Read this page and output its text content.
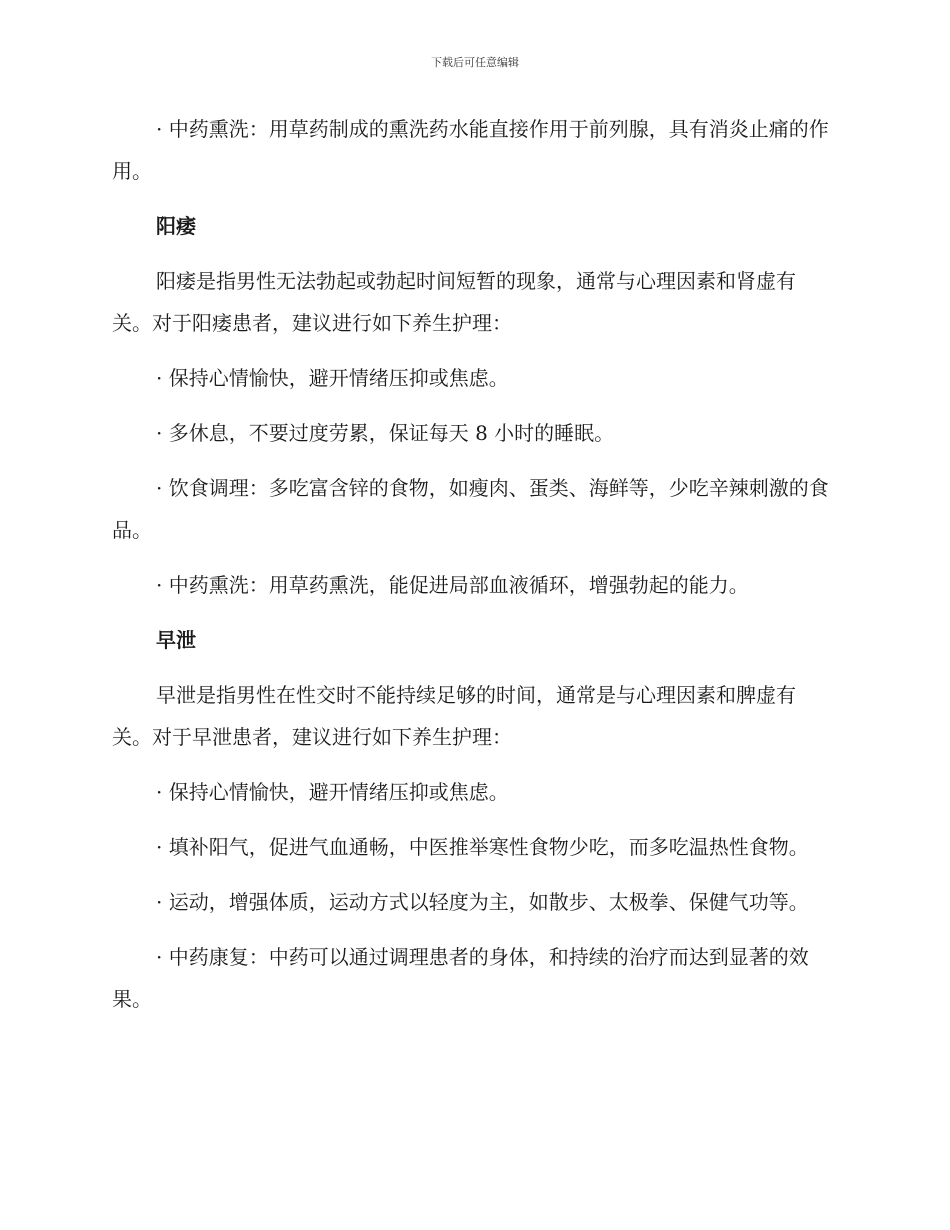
下载后可任意编辑

· 中药熏洗：用草药制成的熏洗药水能直接作用于前列腺，具有消炎止痛的作用。

阳痿

阳痿是指男性无法勃起或勃起时间短暂的现象，通常与心理因素和肾虚有关。对于阳痿患者，建议进行如下养生护理：

· 保持心情愉快，避开情绪压抑或焦虑。

· 多休息，不要过度劳累，保证每天 8 小时的睡眠。

· 饮食调理：多吃富含锌的食物，如瘦肉、蛋类、海鲜等，少吃辛辣刺激的食品。

· 中药熏洗：用草药熏洗，能促进局部血液循环，增强勃起的能力。

早泄

早泄是指男性在性交时不能持续足够的时间，通常是与心理因素和脾虚有关。对于早泄患者，建议进行如下养生护理：

· 保持心情愉快，避开情绪压抑或焦虑。

· 填补阳气，促进气血通畅，中医推举寒性食物少吃，而多吃温热性食物。

· 运动，增强体质，运动方式以轻度为主，如散步、太极拳、保健气功等。

· 中药康复：中药可以通过调理患者的身体，和持续的治疗而达到显著的效果。
